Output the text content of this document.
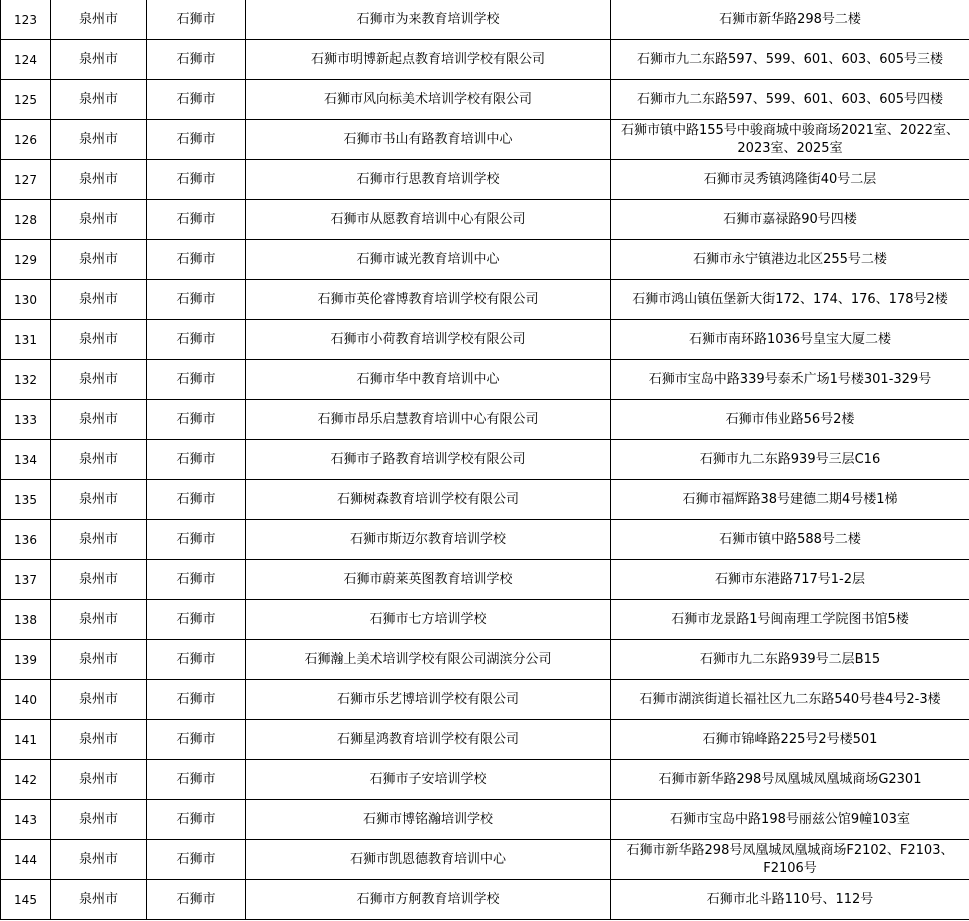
123	泉州市	石狮市	石狮市为来教育培训学校	石狮市新华路298号二楼
124	泉州市	石狮市	石狮市明博新起点教育培训学校有限公司	石狮市九二东路597、599、601、603、605号三楼
125	泉州市	石狮市	石狮市风向标美术培训学校有限公司	石狮市九二东路597、599、601、603、605号四楼
126	泉州市	石狮市	石狮市书山有路教育培训中心	石狮市镇中路155号中骏商城中骏商场2021室、2022室、2023室、2025室
127	泉州市	石狮市	石狮市行思教育培训学校	石狮市灵秀镇鸿隆街40号二层
128	泉州市	石狮市	石狮市从愿教育培训中心有限公司	石狮市嘉禄路90号四楼
129	泉州市	石狮市	石狮市诚光教育培训中心	石狮市永宁镇港边北区255号二楼
130	泉州市	石狮市	石狮市英伦睿博教育培训学校有限公司	石狮市鸿山镇伍堡新大街172、174、176、178号2楼
131	泉州市	石狮市	石狮市小荷教育培训学校有限公司	石狮市南环路1036号皇宝大厦二楼
132	泉州市	石狮市	石狮市华中教育培训中心	石狮市宝岛中路339号泰禾广场1号楼301-329号
133	泉州市	石狮市	石狮市昂乐启慧教育培训中心有限公司	石狮市伟业路56号2楼
134	泉州市	石狮市	石狮市子路教育培训学校有限公司	石狮市九二东路939号三层C16
135	泉州市	石狮市	石狮树森教育培训学校有限公司	石狮市福辉路38号建德二期4号楼1梯
136	泉州市	石狮市	石狮市斯迈尔教育培训学校	石狮市镇中路588号二楼
137	泉州市	石狮市	石狮市蔚莱英图教育培训学校	石狮市东港路717号1-2层
138	泉州市	石狮市	石狮市七方培训学校	石狮市龙景路1号闽南理工学院图书馆5楼
139	泉州市	石狮市	石狮瀚上美术培训学校有限公司湖滨分公司	石狮市九二东路939号二层B15
140	泉州市	石狮市	石狮市乐艺博培训学校有限公司	石狮市湖滨街道长福社区九二东路540号巷4号2-3楼
141	泉州市	石狮市	石狮星鸿教育培训学校有限公司	石狮市锦峰路225号2号楼501
142	泉州市	石狮市	石狮市子安培训学校	石狮市新华路298号凤凰城凤凰城商场G2301
143	泉州市	石狮市	石狮市博铭瀚培训学校	石狮市宝岛中路198号丽兹公馆9幢103室
144	泉州市	石狮市	石狮市凯恩德教育培训中心	石狮市新华路298号凤凰城凤凰城商场F2102、F2103、F2106号
145	泉州市	石狮市	石狮市方舸教育培训学校	石狮市北斗路110号、112号
